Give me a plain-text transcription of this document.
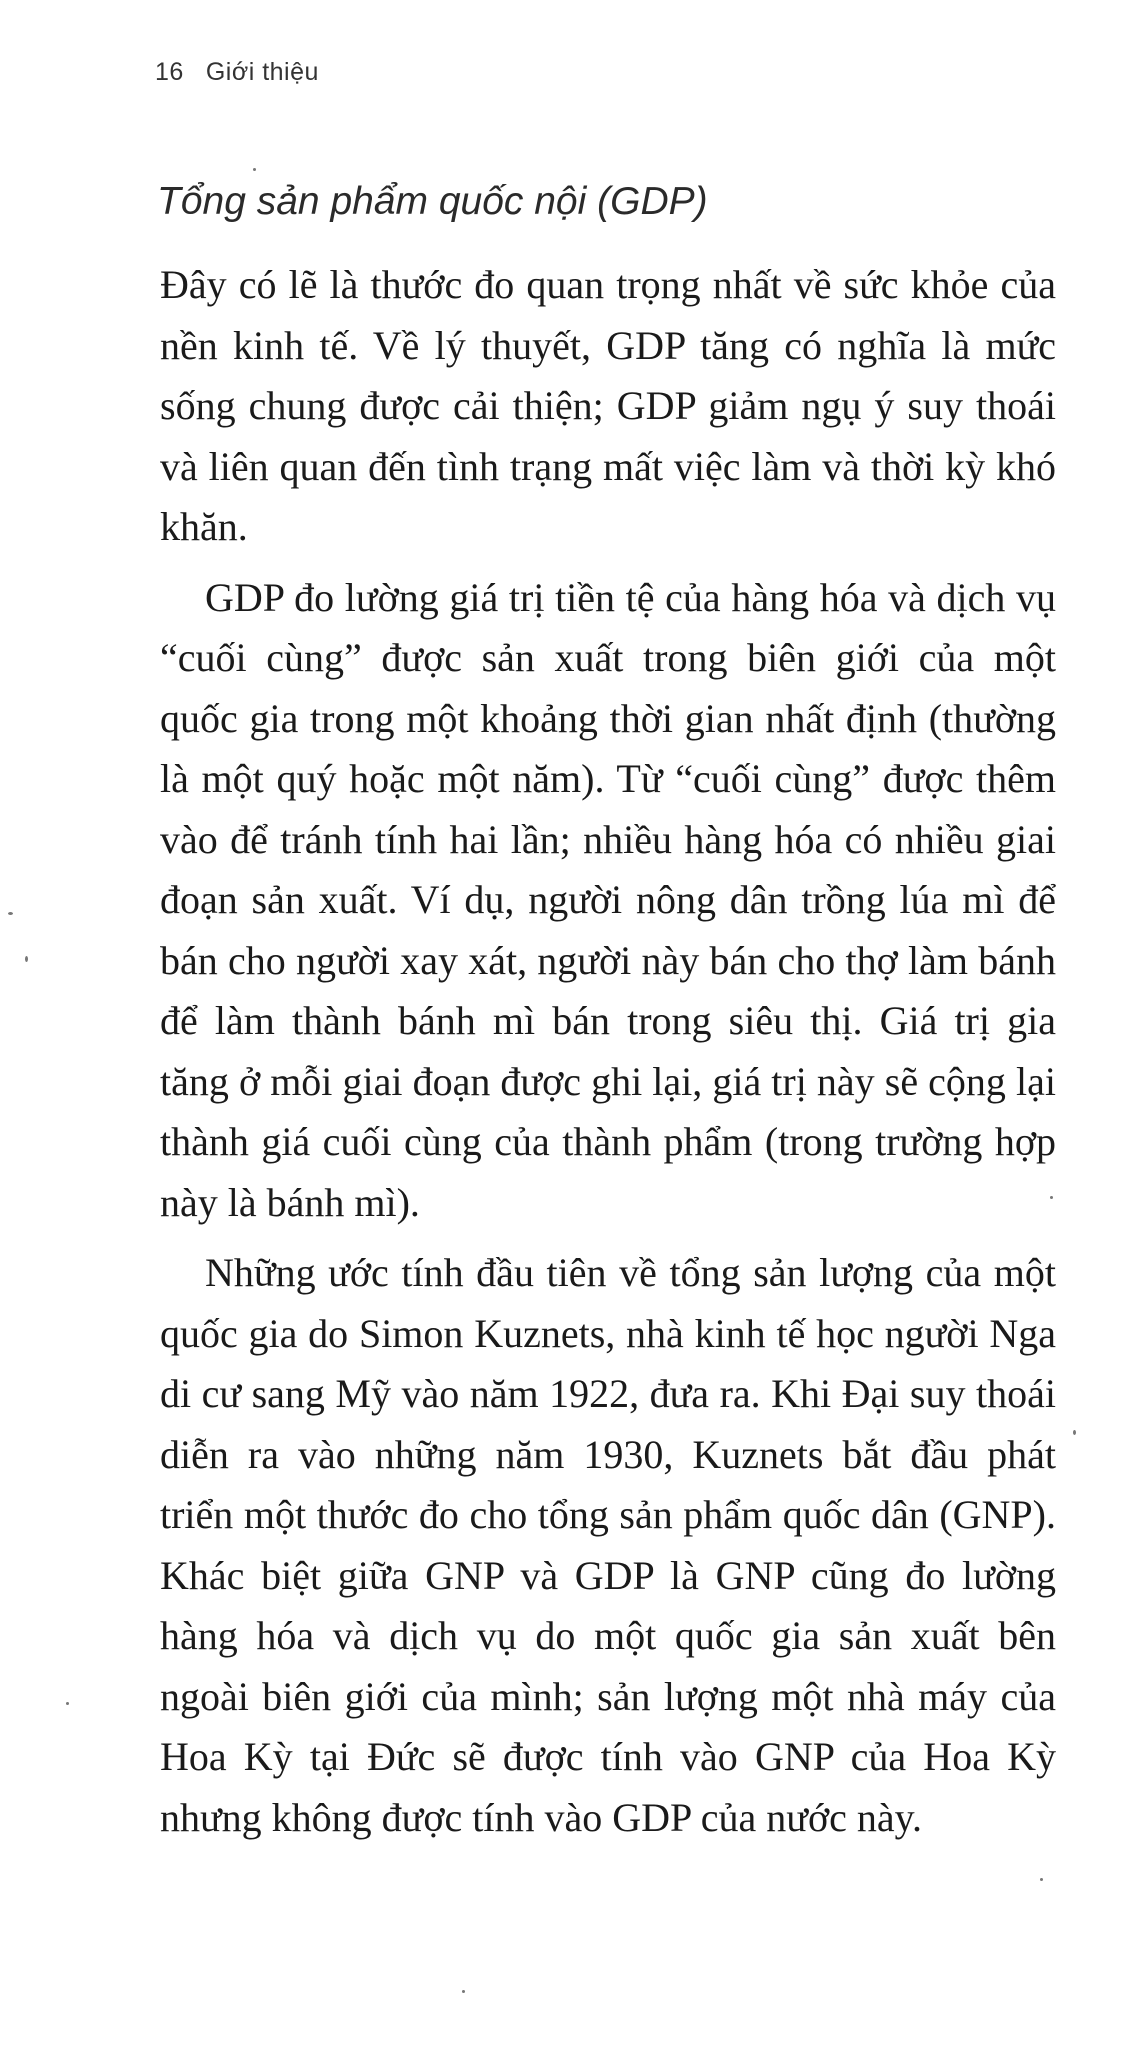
16 Giới thiệu
Tổng sản phẩm quốc nội (GDP)

Đây có lẽ là thước đo quan trọng nhất về sức khỏe của nền kinh tế. Về lý thuyết, GDP tăng có nghĩa là mức sống chung được cải thiện; GDP giảm ngụ ý suy thoái và liên quan đến tình trạng mất việc làm và thời kỳ khó khăn.

GDP đo lường giá trị tiền tệ của hàng hóa và dịch vụ “cuối cùng” được sản xuất trong biên giới của một quốc gia trong một khoảng thời gian nhất định (thường là một quý hoặc một năm). Từ “cuối cùng” được thêm vào để tránh tính hai lần; nhiều hàng hóa có nhiều giai đoạn sản xuất. Ví dụ, người nông dân trồng lúa mì để bán cho người xay xát, người này bán cho thợ làm bánh để làm thành bánh mì bán trong siêu thị. Giá trị gia tăng ở mỗi giai đoạn được ghi lại, giá trị này sẽ cộng lại thành giá cuối cùng của thành phẩm (trong trường hợp này là bánh mì).

Những ước tính đầu tiên về tổng sản lượng của một quốc gia do Simon Kuznets, nhà kinh tế học người Nga di cư sang Mỹ vào năm 1922, đưa ra. Khi Đại suy thoái diễn ra vào những năm 1930, Kuznets bắt đầu phát triển một thước đo cho tổng sản phẩm quốc dân (GNP). Khác biệt giữa GNP và GDP là GNP cũng đo lường hàng hóa và dịch vụ do một quốc gia sản xuất bên ngoài biên giới của mình; sản lượng một nhà máy của Hoa Kỳ tại Đức sẽ được tính vào GNP của Hoa Kỳ nhưng không được tính vào GDP của nước này.
